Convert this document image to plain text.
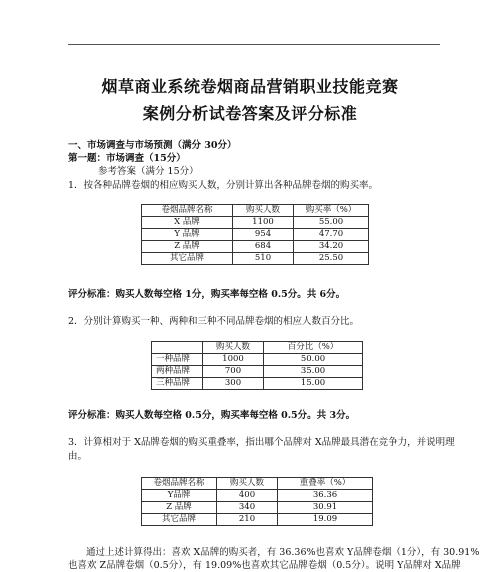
烟草商业系统卷烟商品营销职业技能竞赛
案例分析试卷答案及评分标准
一、市场调查与市场预测（满分 30分）
第一题：市场调查（15分）
参考答案（满分 15分）
1．按各种品牌卷烟的相应购买人数，分别计算出各种品牌卷烟的购买率。
卷烟品牌名称	购买人数	购买率（%）
X 品牌	1100	55.00
Y 品牌	954	47.70
Z 品牌	684	34.20
其它品牌	510	25.50
评分标准：购买人数每空格 1分，购买率每空格 0.5分。共 6分。
2．分别计算购买一种、两种和三种不同品牌卷烟的相应人数百分比。
	购买人数	百分比（%）
一种品牌	1000	50.00
两种品牌	700	35.00
三种品牌	300	15.00
评分标准：购买人数每空格 0.5分，购买率每空格 0.5分。共 3分。
3．计算相对于 X品牌卷烟的购买重叠率，指出哪个品牌对 X品牌最具潜在竞争力，并说明理
由。
卷烟品牌名称	购买人数	重叠率（%）
Y品牌	400	36.36
Z 品牌	340	30.91
其它品牌	210	19.09
通过上述计算得出：喜欢 X品牌的购买者，有 36.36%也喜欢 Y品牌卷烟（1分），有 30.91%
也喜欢 Z品牌卷烟（0.5分），有 19.09%也喜欢其它品牌卷烟（0.5分）。说明 Y品牌对 X品牌
